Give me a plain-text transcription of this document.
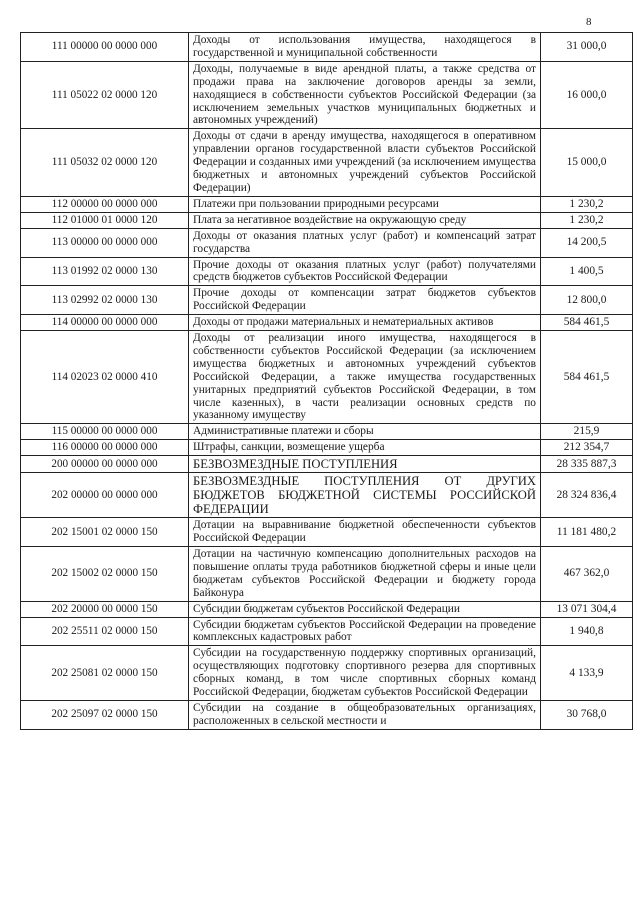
8
111 00000 00 0000 000	Доходы от использования имущества, находящегося в государственной и муниципальной собственности	31 000,0
111 05022 02 0000 120	Доходы, получаемые в виде арендной платы, а также средства от продажи права на заключение договоров аренды за земли, находящиеся в собственности субъектов Российской Федерации (за исключением земельных участков муниципальных бюджетных и автономных учреждений)	16 000,0
111 05032 02 0000 120	Доходы от сдачи в аренду имущества, находящегося в оперативном управлении органов государственной власти субъектов Российской Федерации и созданных ими учреждений (за исключением имущества бюджетных и автономных учреждений субъектов Российской Федерации)	15 000,0
112 00000 00 0000 000	Платежи при пользовании природными ресурсами	1 230,2
112 01000 01 0000 120	Плата за негативное воздействие на окружающую среду	1 230,2
113 00000 00 0000 000	Доходы от оказания платных услуг (работ) и компенсаций затрат государства	14 200,5
113 01992 02 0000 130	Прочие доходы от оказания платных услуг (работ) получателями средств бюджетов субъектов Российской Федерации	1 400,5
113 02992 02 0000 130	Прочие доходы от компенсации затрат бюджетов субъектов Российской Федерации	12 800,0
114 00000 00 0000 000	Доходы от продажи материальных и нематериальных активов	584 461,5
114 02023 02 0000 410	Доходы от реализации иного имущества, находящегося в собственности субъектов Российской Федерации (за исключением имущества бюджетных и автономных учреждений субъектов Российской Федерации, а также имущества государственных унитарных предприятий субъектов Российской Федерации, в том числе казенных), в части реализации основных средств по указанному имуществу	584 461,5
115 00000 00 0000 000	Административные платежи и сборы	215,9
116 00000 00 0000 000	Штрафы, санкции, возмещение ущерба	212 354,7
200 00000 00 0000 000	БЕЗВОЗМЕЗДНЫЕ ПОСТУПЛЕНИЯ	28 335 887,3
202 00000 00 0000 000	БЕЗВОЗМЕЗДНЫЕ ПОСТУПЛЕНИЯ ОТ ДРУГИХ БЮДЖЕТОВ БЮДЖЕТНОЙ СИСТЕМЫ РОССИЙСКОЙ ФЕДЕРАЦИИ	28 324 836,4
202 15001 02 0000 150	Дотации на выравнивание бюджетной обеспеченности субъектов Российской Федерации	11 181 480,2
202 15002 02 0000 150	Дотации на частичную компенсацию дополнительных расходов на повышение оплаты труда работников бюджетной сферы и иные цели бюджетам субъектов Российской Федерации и бюджету города Байконура	467 362,0
202 20000 00 0000 150	Субсидии бюджетам субъектов Российской Федерации	13 071 304,4
202 25511 02 0000 150	Субсидии бюджетам субъектов Российской Федерации на проведение комплексных кадастровых работ	1 940,8
202 25081 02 0000 150	Субсидии на государственную поддержку спортивных организаций, осуществляющих подготовку спортивного резерва для спортивных сборных команд, в том числе спортивных сборных команд Российской Федерации, бюджетам субъектов Российской Федерации	4 133,9
202 25097 02 0000 150	Субсидии на создание в общеобразовательных организациях, расположенных в сельской местности и	30 768,0
